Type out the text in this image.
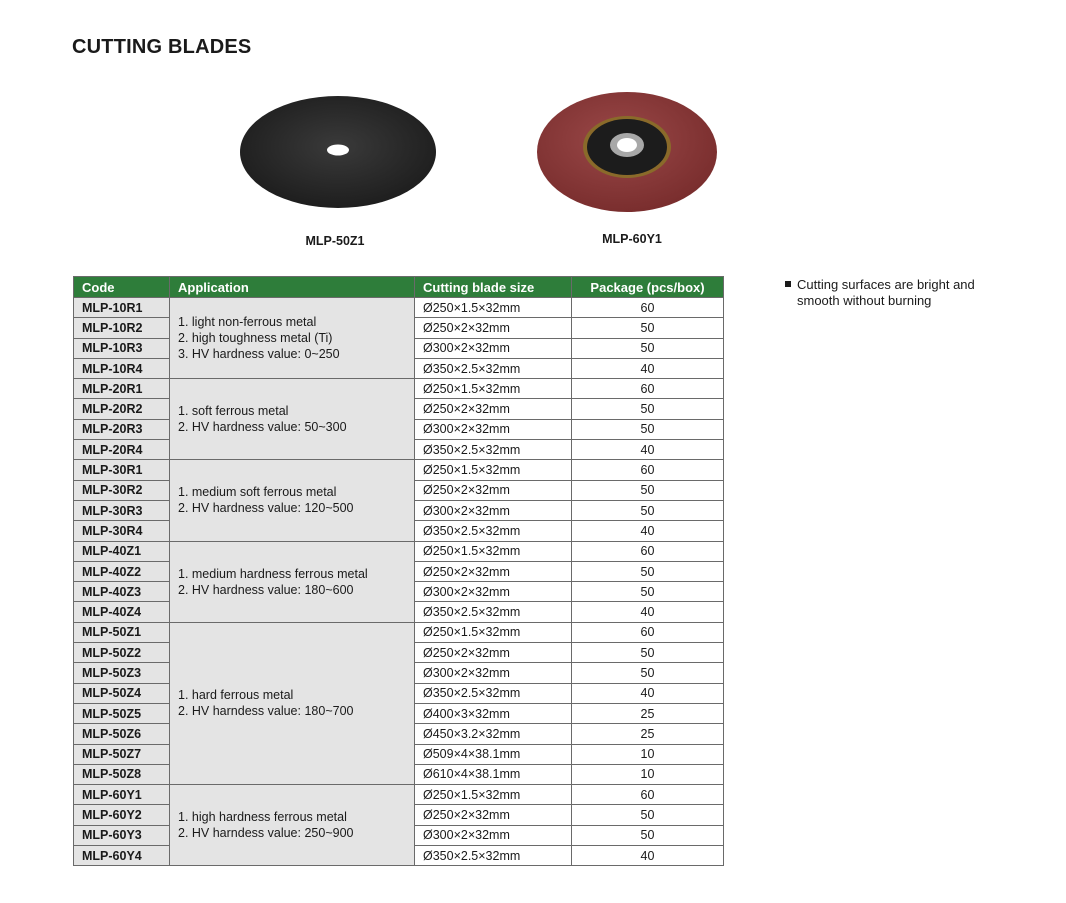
CUTTING BLADES
MLP-50Z1	MLP-60Y1
Code	Application	Cutting blade size	Package (pcs/box)
MLP-10R1	1. light non-ferrous metal
2. high toughness metal (Ti)
3. HV hardness value: 0~250	Ø250×1.5×32mm	60
MLP-10R2		Ø250×2×32mm	50
MLP-10R3		Ø300×2×32mm	50
MLP-10R4		Ø350×2.5×32mm	40
MLP-20R1	1. soft ferrous metal
2. HV hardness value: 50~300	Ø250×1.5×32mm	60
MLP-20R2		Ø250×2×32mm	50
MLP-20R3		Ø300×2×32mm	50
MLP-20R4		Ø350×2.5×32mm	40
MLP-30R1	1. medium soft ferrous metal
2. HV hardness value: 120~500	Ø250×1.5×32mm	60
MLP-30R2		Ø250×2×32mm	50
MLP-30R3		Ø300×2×32mm	50
MLP-30R4		Ø350×2.5×32mm	40
MLP-40Z1	1. medium hardness ferrous metal
2. HV hardness value: 180~600	Ø250×1.5×32mm	60
MLP-40Z2		Ø250×2×32mm	50
MLP-40Z3		Ø300×2×32mm	50
MLP-40Z4		Ø350×2.5×32mm	40
MLP-50Z1	1. hard ferrous metal
2. HV harndess value: 180~700	Ø250×1.5×32mm	60
MLP-50Z2		Ø250×2×32mm	50
MLP-50Z3		Ø300×2×32mm	50
MLP-50Z4		Ø350×2.5×32mm	40
MLP-50Z5		Ø400×3×32mm	25
MLP-50Z6		Ø450×3.2×32mm	25
MLP-50Z7		Ø509×4×38.1mm	10
MLP-50Z8		Ø610×4×38.1mm	10
MLP-60Y1	1. high hardness ferrous metal
2. HV harndess value: 250~900	Ø250×1.5×32mm	60
MLP-60Y2		Ø250×2×32mm	50
MLP-60Y3		Ø300×2×32mm	50
MLP-60Y4		Ø350×2.5×32mm	40
Cutting surfaces are bright and smooth without burning
